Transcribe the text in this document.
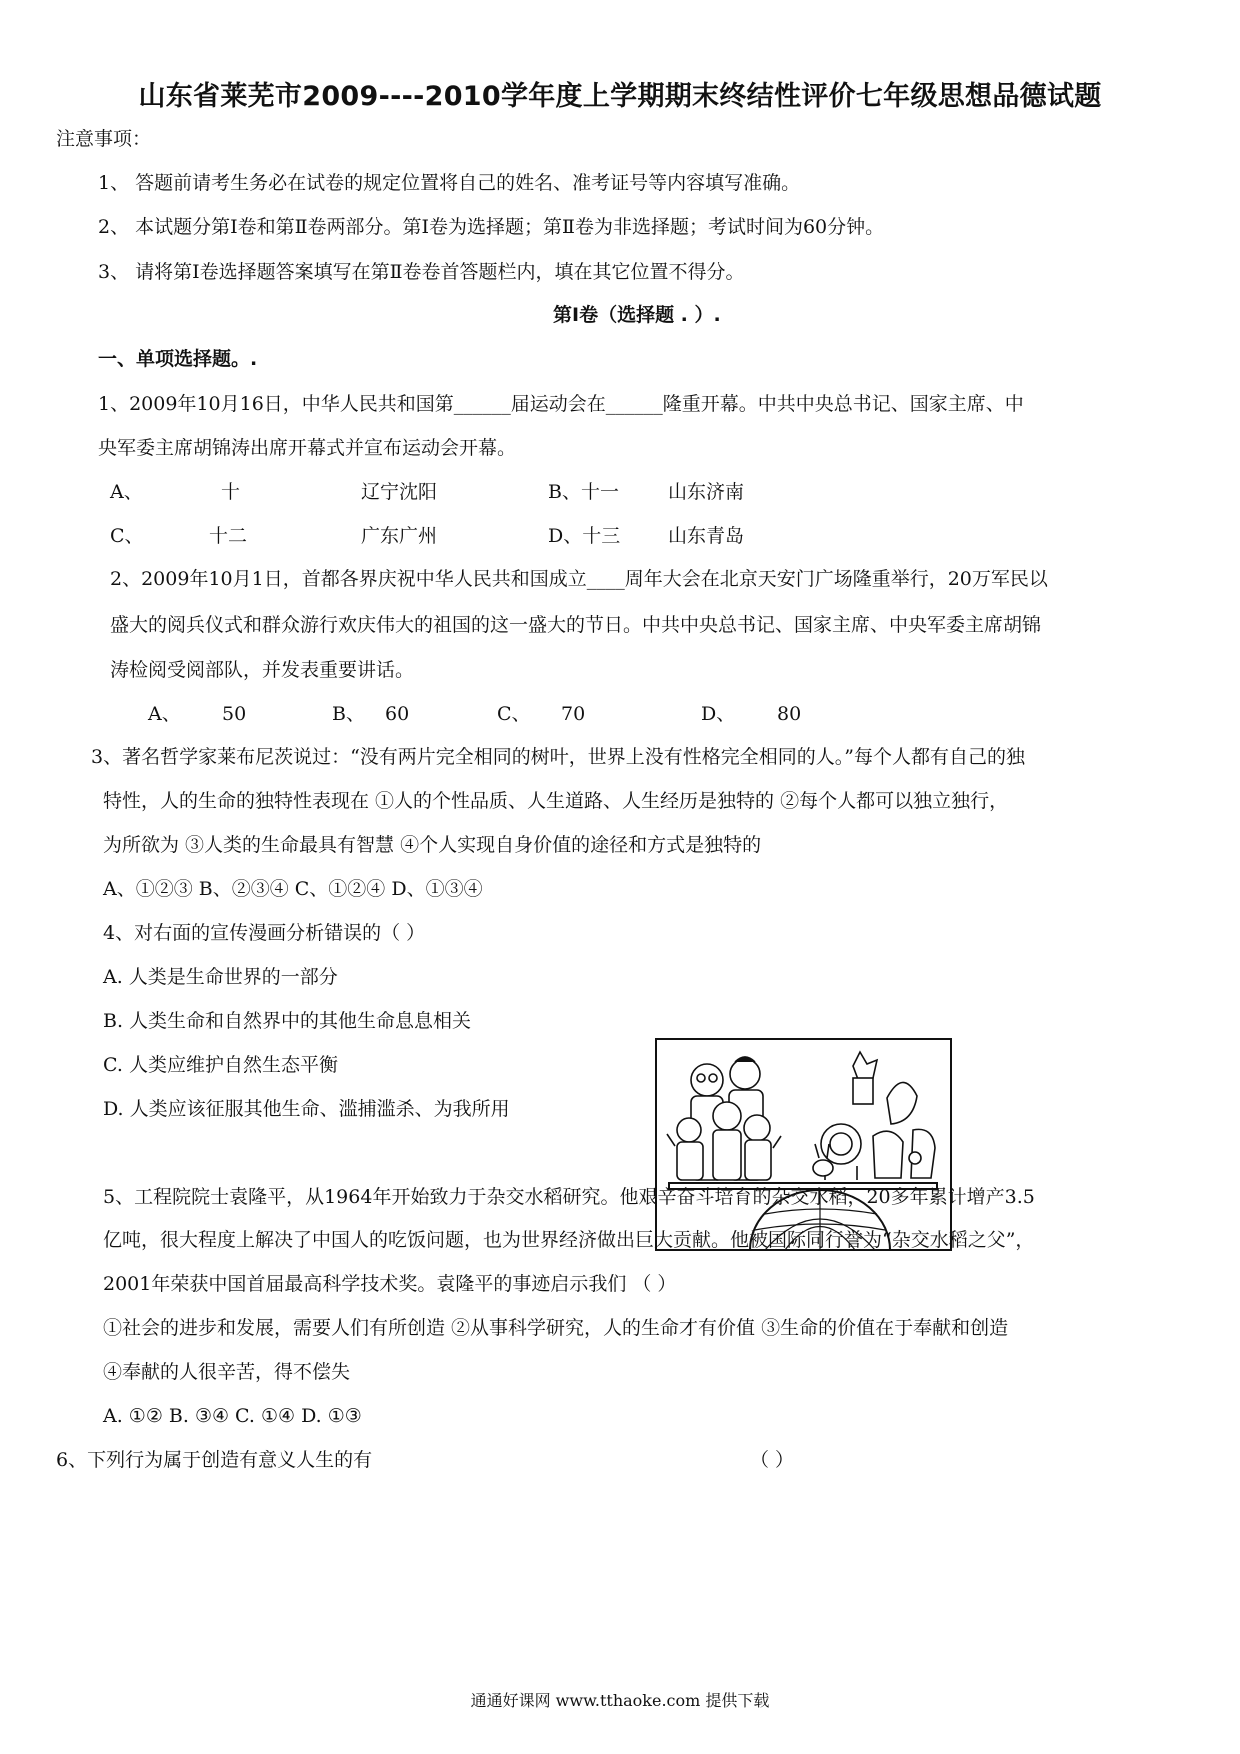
山东省莱芜市2009----2010学年度上学期期末终结性评价七年级思想品德试题
注意事项：
1、 答题前请考生务必在试卷的规定位置将自己的姓名、准考证号等内容填写准确。
2、 本试题分第Ⅰ卷和第Ⅱ卷两部分。第Ⅰ卷为选择题；第Ⅱ卷为非选择题；考试时间为60分钟。
3、 请将第Ⅰ卷选择题答案填写在第Ⅱ卷卷首答题栏内，填在其它位置不得分。
第Ⅰ卷（选择题 . ）.
一、单项选择题。.
1、2009年10月16日，中华人民共和国第______届运动会在______隆重开幕。中共中央总书记、国家主席、中
央军委主席胡锦涛出席开幕式并宣布运动会开幕。
A、	十	辽宁沈阳	B、十一	山东济南
C、	十二	广东广州	D、十三	山东青岛
2、2009年10月1日，首都各界庆祝中华人民共和国成立____周年大会在北京天安门广场隆重举行，20万军民以
盛大的阅兵仪式和群众游行欢庆伟大的祖国的这一盛大的节日。中共中央总书记、国家主席、中央军委主席胡锦
涛检阅受阅部队，并发表重要讲话。
A、 50	B、 60	C、 70	D、 80
3、著名哲学家莱布尼茨说过：“没有两片完全相同的树叶，世界上没有性格完全相同的人。”每个人都有自己的独
特性，人的生命的独特性表现在 ①人的个性品质、人生道路、人生经历是独特的 ②每个人都可以独立独行，
为所欲为 ③人类的生命最具有智慧 ④个人实现自身价值的途径和方式是独特的
A、①②③ B、②③④ C、①②④ D、①③④
4、对右面的宣传漫画分析错误的（ ）
A. 人类是生命世界的一部分
B. 人类生命和自然界中的其他生命息息相关
C. 人类应维护自然生态平衡
D. 人类应该征服其他生命、滥捕滥杀、为我所用
5、工程院院士袁隆平，从1964年开始致力于杂交水稻研究。他艰辛奋斗培育的杂交水稻，20多年累计增产3.5
亿吨，很大程度上解决了中国人的吃饭问题，也为世界经济做出巨大贡献。他被国际同行誉为“杂交水稻之父”，
2001年荣获中国首届最高科学技术奖。袁隆平的事迹启示我们 （ ）
①社会的进步和发展，需要人们有所创造 ②从事科学研究，人的生命才有价值 ③生命的价值在于奉献和创造
④奉献的人很辛苦，得不偿失
A. ①② B. ③④ C. ①④ D. ①③
6、下列行为属于创造有意义人生的有	（ ）
通通好课网 www.tthaoke.com 提供下载
